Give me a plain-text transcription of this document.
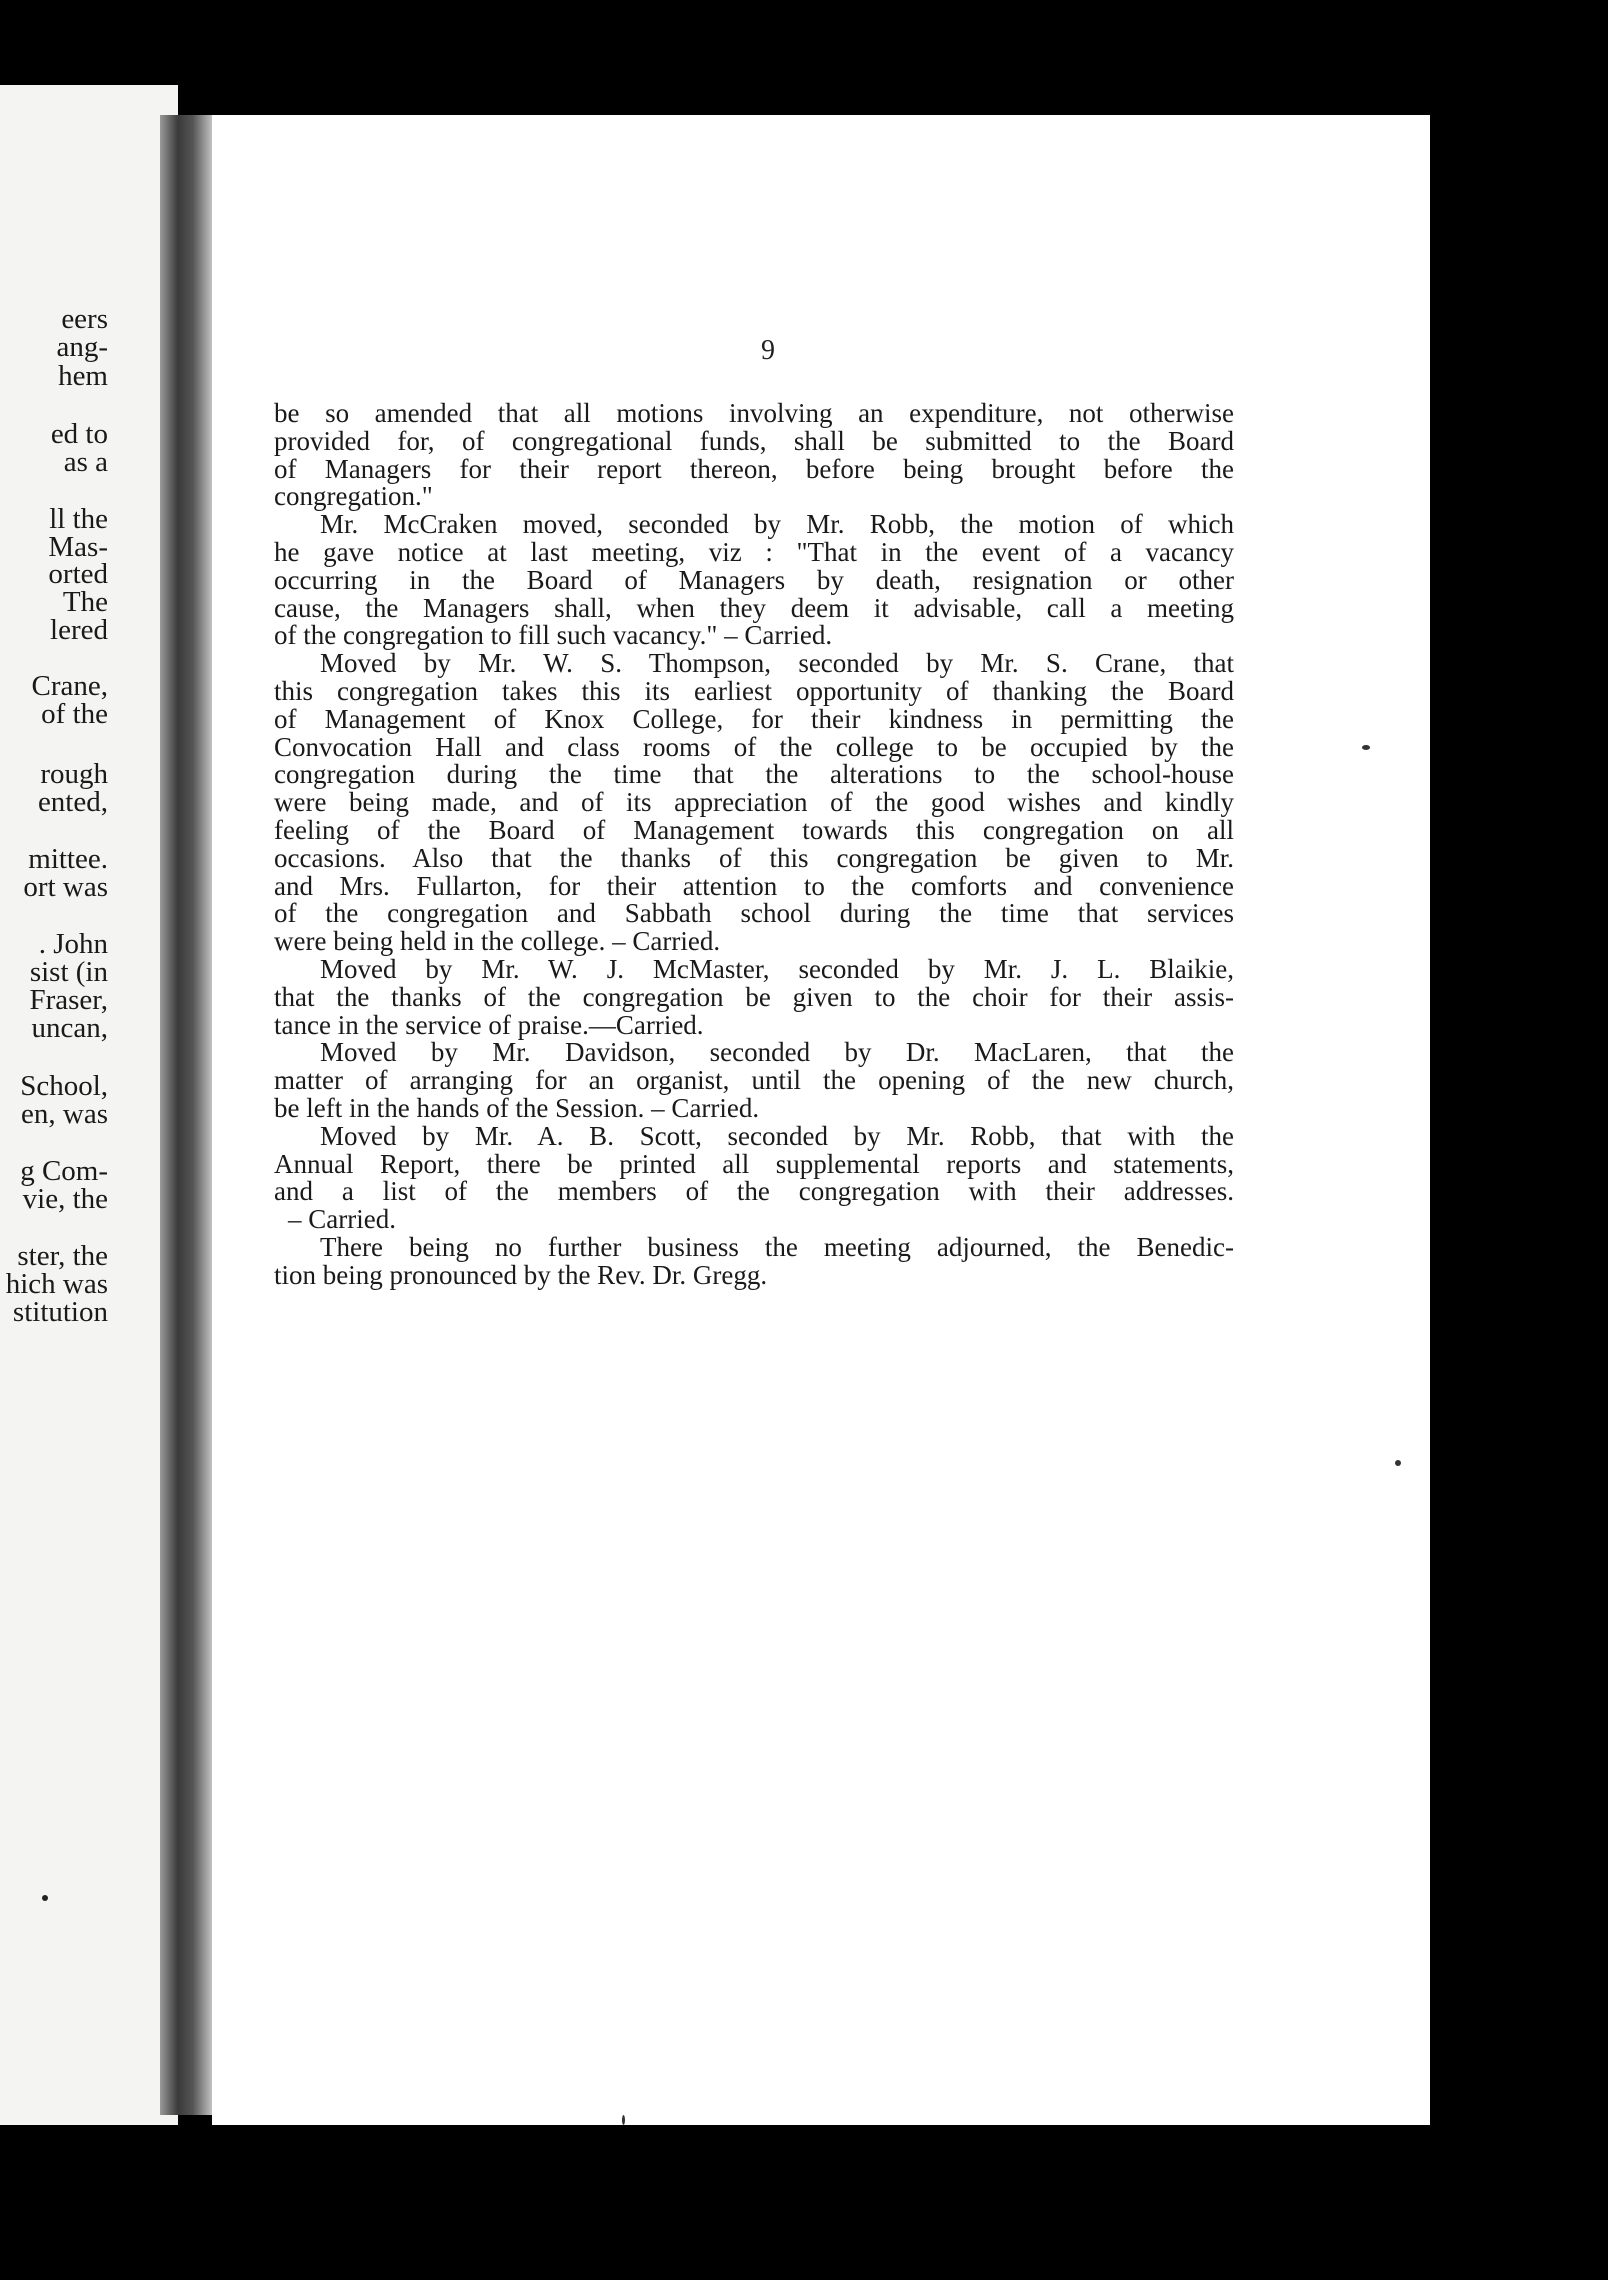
eers
ang-
hem
ed to
as a
ll the
Mas-
orted
The
lered
Crane,
of the
rough
ented,
mittee.
ort was
. John
sist (in
Fraser,
uncan,
School,
en, was
g Com-
vie, the
ster, the
hich was
stitution
9
be so amended that all motions involving an expenditure, not otherwise
provided for, of congregational funds, shall be submitted to the Board
of Managers for their report thereon, before being brought before the
congregation."
Mr. McCraken moved, seconded by Mr. Robb, the motion of which
he gave notice at last meeting, viz : "That in the event of a vacancy
occurring in the Board of Managers by death, resignation or other
cause, the Managers shall, when they deem it advisable, call a meeting
of the congregation to fill such vacancy." – Carried.
Moved by Mr. W. S. Thompson, seconded by Mr. S. Crane, that
this congregation takes this its earliest opportunity of thanking the Board
of Management of Knox College, for their kindness in permitting the
Convocation Hall and class rooms of the college to be occupied by the
congregation during the time that the alterations to the school-house
were being made, and of its appreciation of the good wishes and kindly
feeling of the Board of Management towards this congregation on all
occasions. Also that the thanks of this congregation be given to Mr.
and Mrs. Fullarton, for their attention to the comforts and convenience
of the congregation and Sabbath school during the time that services
were being held in the college. – Carried.
Moved by Mr. W. J. McMaster, seconded by Mr. J. L. Blaikie,
that the thanks of the congregation be given to the choir for their assis-
tance in the service of praise.—Carried.
Moved by Mr. Davidson, seconded by Dr. MacLaren, that the
matter of arranging for an organist, until the opening of the new church,
be left in the hands of the Session. – Carried.
Moved by Mr. A. B. Scott, seconded by Mr. Robb, that with the
Annual Report, there be printed all supplemental reports and statements,
and a list of the members of the congregation with their addresses.
– Carried.
There being no further business the meeting adjourned, the Benedic-
tion being pronounced by the Rev. Dr. Gregg.
